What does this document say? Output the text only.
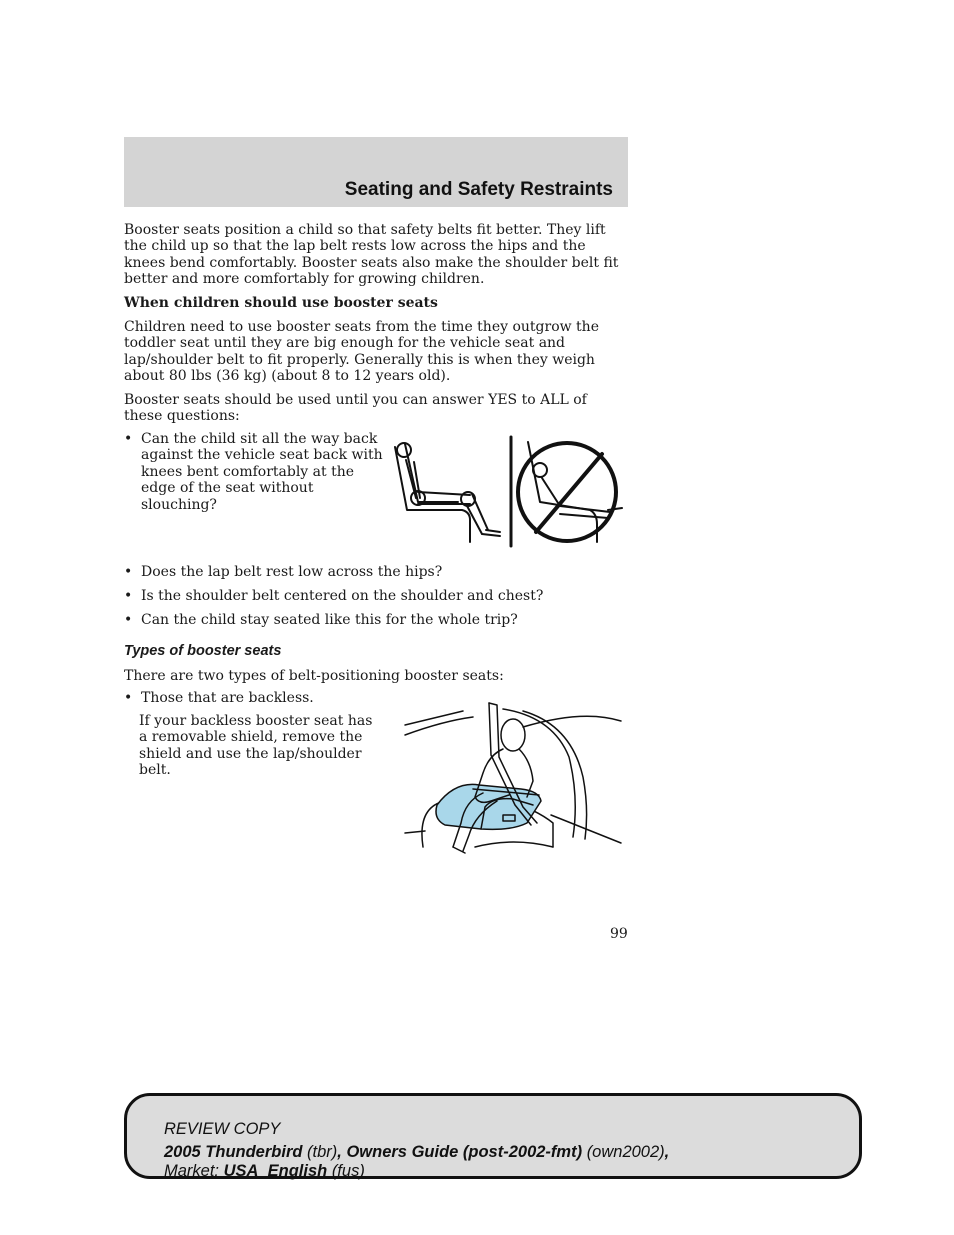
Seating and Safety Restraints

Booster seats position a child so that safety belts fit better. They lift the child up so that the lap belt rests low across the hips and the knees bend comfortably. Booster seats also make the shoulder belt fit better and more comfortably for growing children.

When children should use booster seats

Children need to use booster seats from the time they outgrow the toddler seat until they are big enough for the vehicle seat and lap/shoulder belt to fit properly. Generally this is when they weigh about 80 lbs (36 kg) (about 8 to 12 years old).

Booster seats should be used until you can answer YES to ALL of these questions:

• Can the child sit all the way back against the vehicle seat back with knees bent comfortably at the edge of the seat without slouching?
• Does the lap belt rest low across the hips?
• Is the shoulder belt centered on the shoulder and chest?
• Can the child stay seated like this for the whole trip?
Types of booster seats

There are two types of belt-positioning booster seats:

• Those that are backless.

If your backless booster seat has a removable shield, remove the shield and use the lap/shoulder belt.

99
REVIEW COPY
2005 Thunderbird (tbr), Owners Guide (post-2002-fmt) (own2002),
Market: USA_English (fus)
